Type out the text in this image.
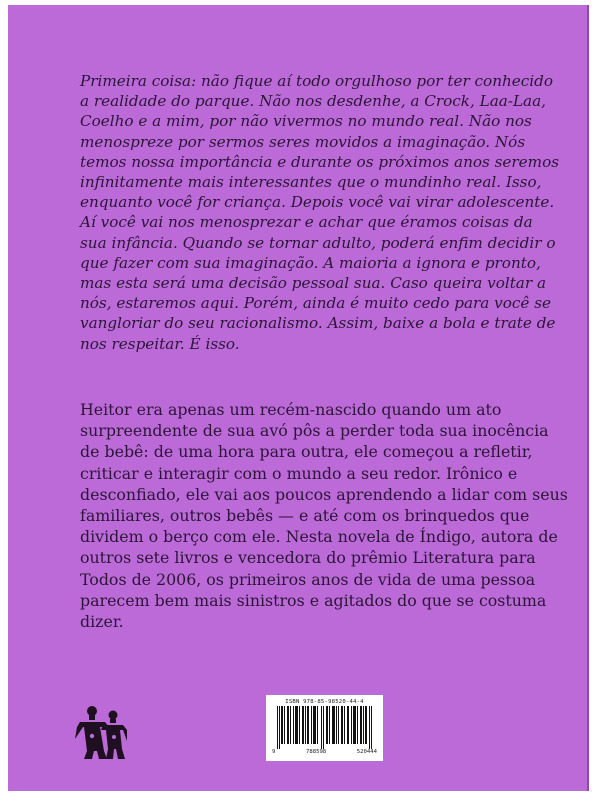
Primeira coisa: não fique aí todo orgulhoso por ter conhecido a realidade do parque. Não nos desdenhe, a Crock, Laa-Laa, Coelho e a mim, por não vivermos no mundo real. Não nos menospreze por sermos seres movidos a imaginação. Nós temos nossa importância e durante os próximos anos seremos infinitamente mais interessantes que o mundinho real. Isso, enquanto você for criança. Depois você vai virar adolescente. Aí você vai nos menosprezar e achar que éramos coisas da sua infância. Quando se tornar adulto, poderá enfim decidir o que fazer com sua imaginação. A maioria a ignora e pronto, mas esta será uma decisão pessoal sua. Caso queira voltar a nós, estaremos aqui. Porém, ainda é muito cedo para você se vangloriar do seu racionalismo. Assim, baixe a bola e trate de nos respeitar. É isso.

Heitor era apenas um recém-nascido quando um ato surpreendente de sua avó pôs a perder toda sua inocência de bebê: de uma hora para outra, ele começou a refletir, criticar e interagir com o mundo a seu redor. Irônico e desconfiado, ele vai aos poucos aprendendo a lidar com seus familiares, outros bebês — e até com os brinquedos que dividem o berço com ele. Nesta novela de Índigo, autora de outros sete livros e vencedora do prêmio Literatura para Todos de 2006, os primeiros anos de vida de uma pessoa parecem bem mais sinistros e agitados do que se costuma dizer.

ISBN 978-85-98520-44-4
9	788598	520444
